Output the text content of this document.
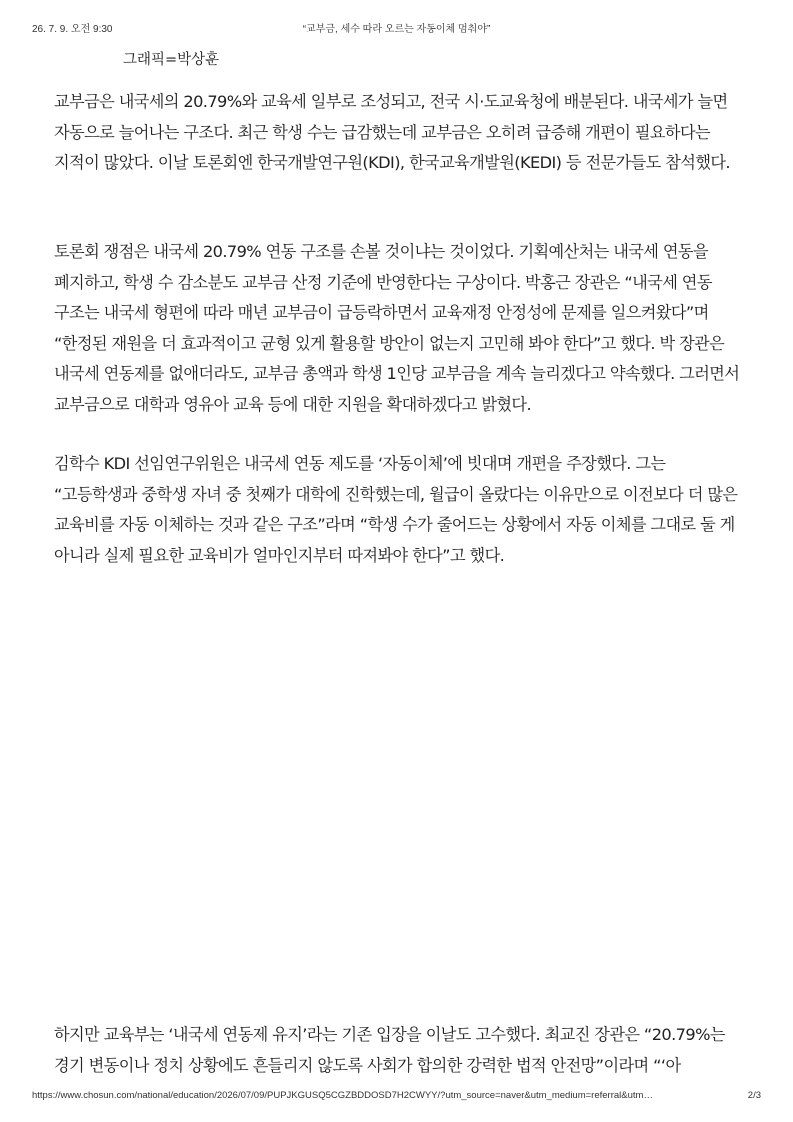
26. 7. 9. 오전 9:30	“교부금, 세수 따라 오르는 자동이체 멈춰야”
그래픽=박상훈

교부금은 내국세의 20.79%와 교육세 일부로 조성되고, 전국 시·도교육청에 배분된다. 내국세가 늘면 자동으로 늘어나는 구조다. 최근 학생 수는 급감했는데 교부금은 오히려 급증해 개편이 필요하다는 지적이 많았다. 이날 토론회엔 한국개발연구원(KDI), 한국교육개발원(KEDI) 등 전문가들도 참석했다.

토론회 쟁점은 내국세 20.79% 연동 구조를 손볼 것이냐는 것이었다. 기획예산처는 내국세 연동을 폐지하고, 학생 수 감소분도 교부금 산정 기준에 반영한다는 구상이다. 박홍근 장관은 “내국세 연동 구조는 내국세 형편에 따라 매년 교부금이 급등락하면서 교육재정 안정성에 문제를 일으켜왔다”며 “한정된 재원을 더 효과적이고 균형 있게 활용할 방안이 없는지 고민해 봐야 한다”고 했다. 박 장관은 내국세 연동제를 없애더라도, 교부금 총액과 학생 1인당 교부금을 계속 늘리겠다고 약속했다. 그러면서 교부금으로 대학과 영유아 교육 등에 대한 지원을 확대하겠다고 밝혔다.

김학수 KDI 선임연구위원은 내국세 연동 제도를 ‘자동이체’에 빗대며 개편을 주장했다. 그는 “고등학생과 중학생 자녀 중 첫째가 대학에 진학했는데, 월급이 올랐다는 이유만으로 이전보다 더 많은 교육비를 자동 이체하는 것과 같은 구조”라며 “학생 수가 줄어드는 상황에서 자동 이체를 그대로 둘 게 아니라 실제 필요한 교육비가 얼마인지부터 따져봐야 한다”고 했다.

하지만 교육부는 ‘내국세 연동제 유지’라는 기존 입장을 이날도 고수했다. 최교진 장관은 “20.79%는 경기 변동이나 정치 상황에도 흔들리지 않도록 사회가 합의한 강력한 법적 안전망”이라며 “‘아

https://www.chosun.com/national/education/2026/07/09/PUPJKGUSQ5CGZBDDOSD7H2CWYY/?utm_source=naver&utm_medium=referral&utm…	2/3
